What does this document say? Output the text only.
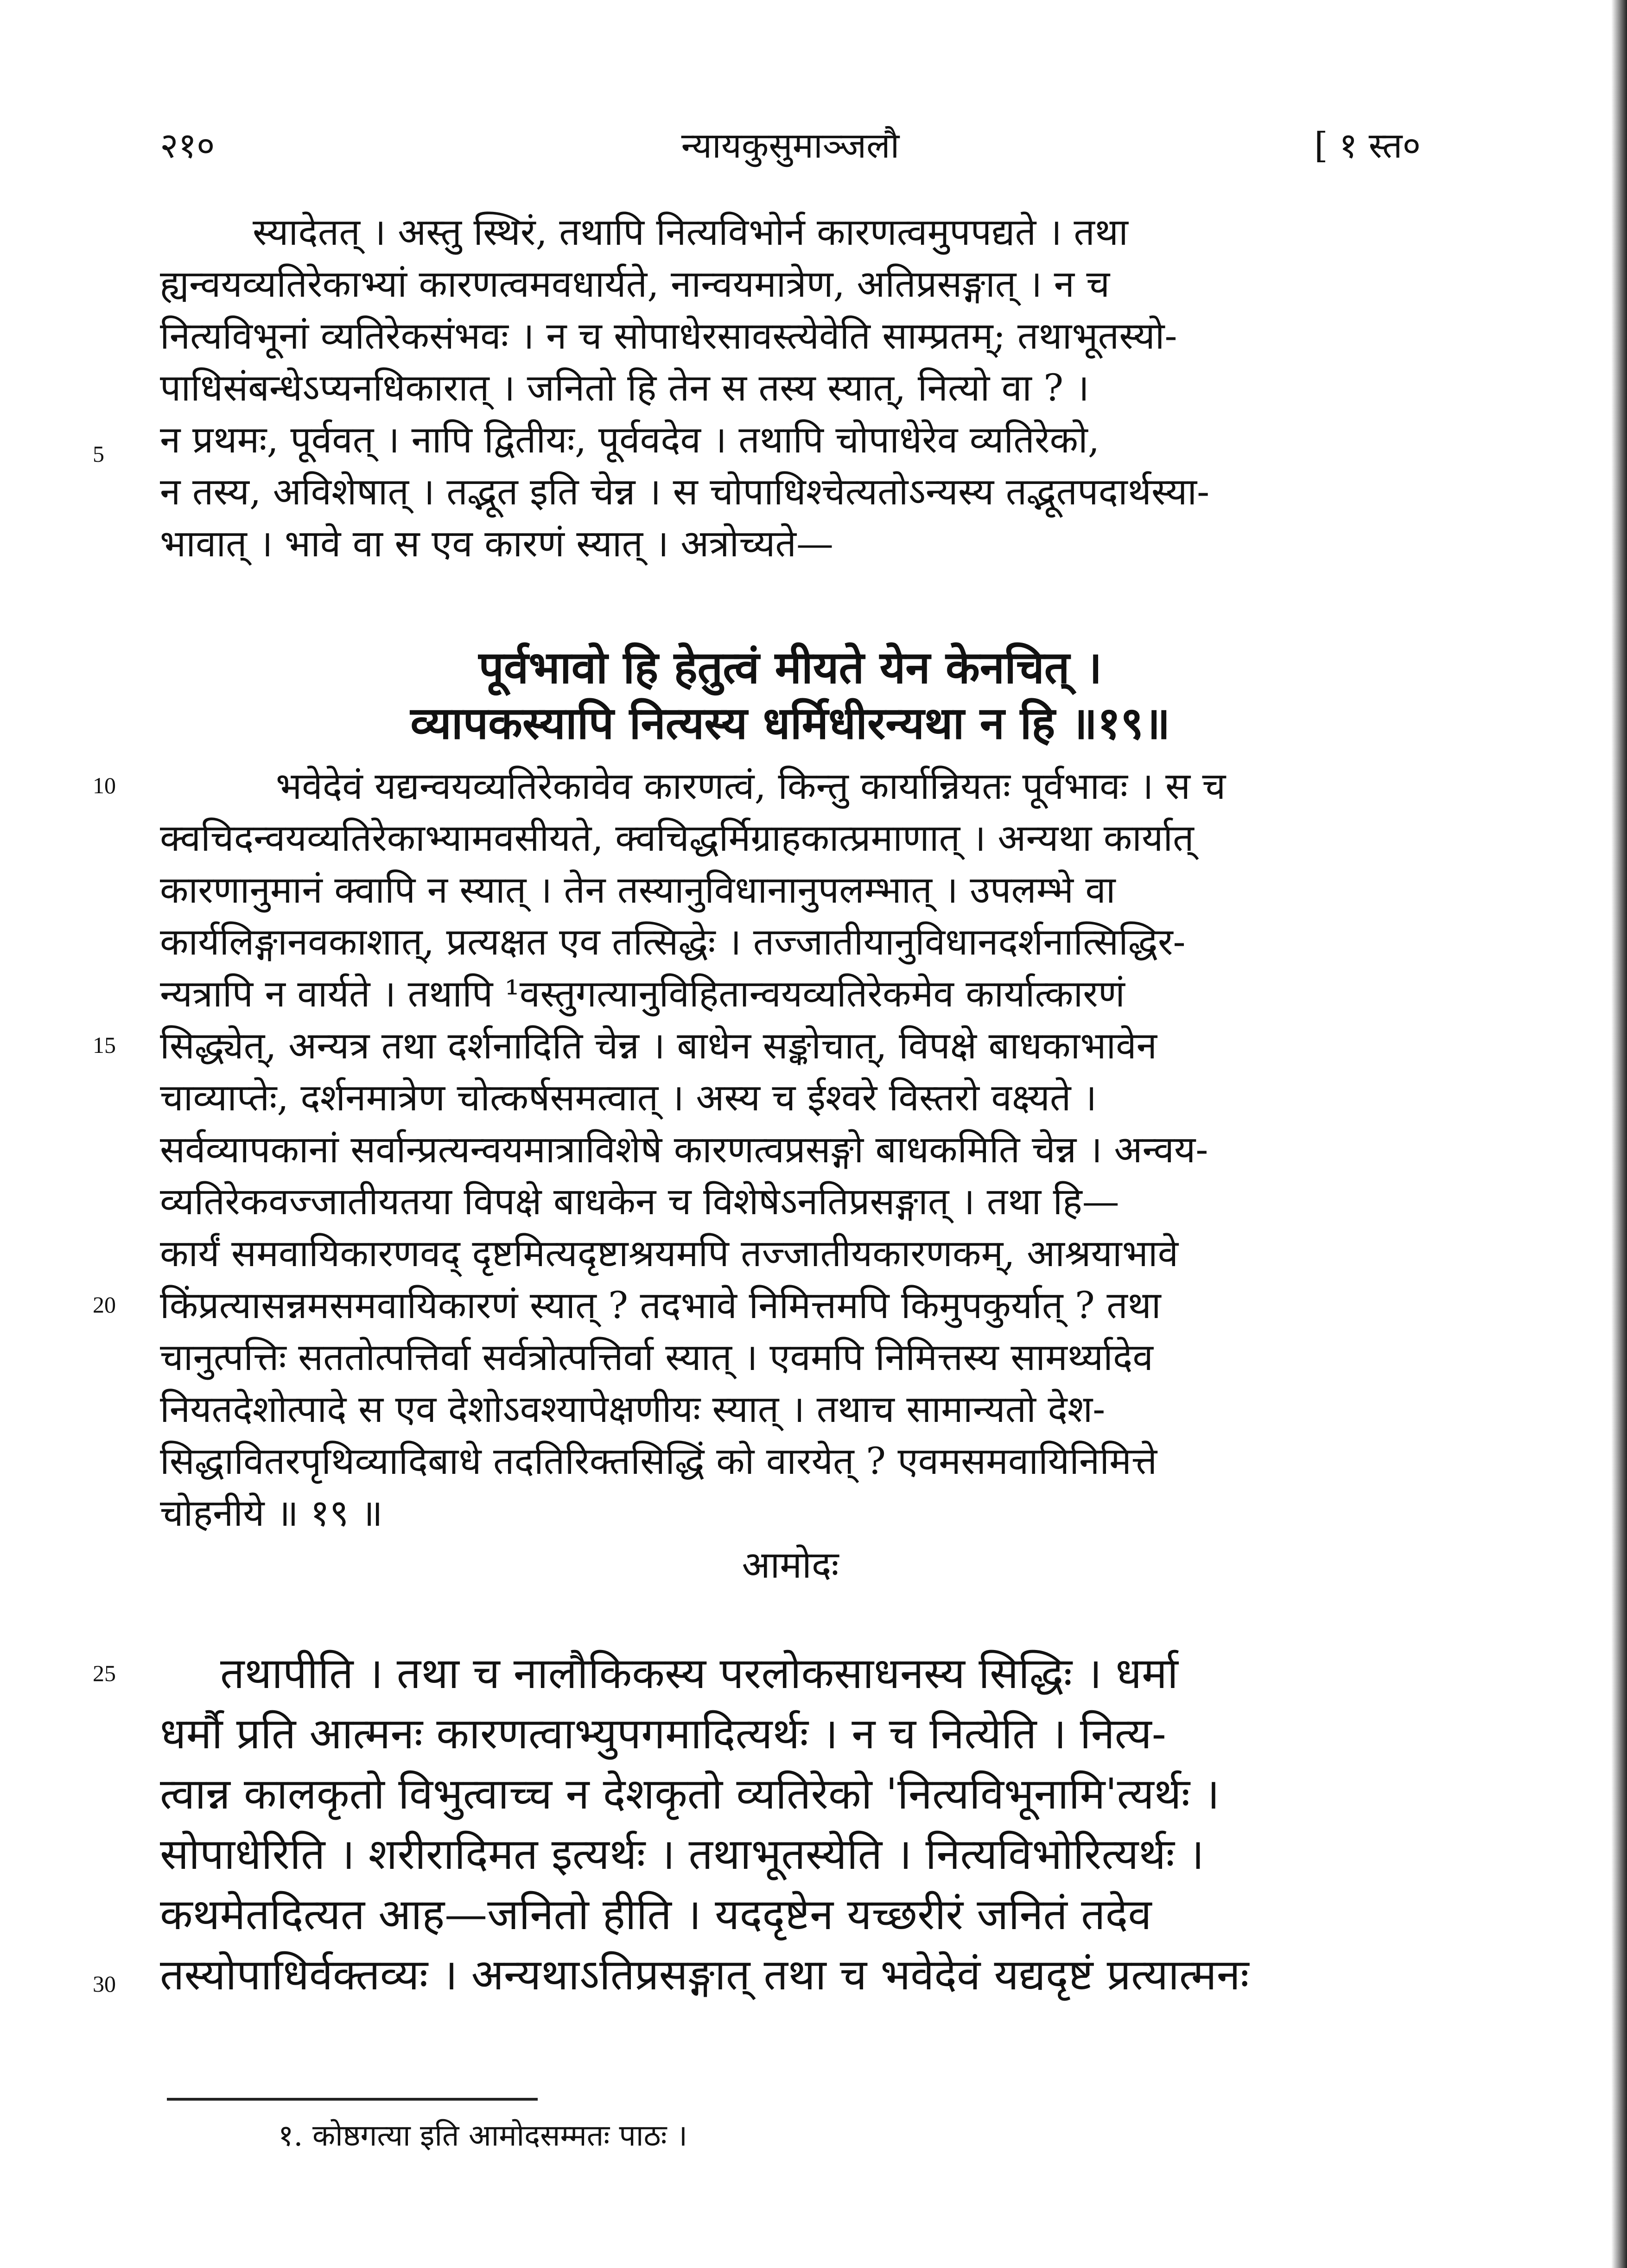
२१०	न्यायकुसुमाञ्जलौ	[ १ स्त०
5
10
15
20
25
30
स्यादेतत् । अस्तु स्थिरं, तथापि नित्यविभोर्न कारणत्वमुपपद्यते । तथा
ह्यन्वयव्यतिरेकाभ्यां कारणत्वमवधार्यते, नान्वयमात्रेण, अतिप्रसङ्गात् । न च
नित्यविभूनां व्यतिरेकसंभवः । न च सोपाधेरसावस्त्येवेति साम्प्रतम्; तथाभूतस्यो-
पाधिसंबन्धेऽप्यनधिकारात् । जनितो हि तेन स तस्य स्यात्, नित्यो वा ? ।
न प्रथमः, पूर्ववत् । नापि द्वितीयः, पूर्ववदेव । तथापि चोपाधेरेव व्यतिरेको,
न तस्य, अविशेषात् । तद्भूत इति चेन्न । स चोपाधिश्चेत्यतोऽन्यस्य तद्भूतपदार्थस्या-
भावात् । भावे वा स एव कारणं स्यात् । अत्रोच्यते—
पूर्वभावो हि हेतुत्वं मीयते येन केनचित् ।
व्यापकस्यापि नित्यस्य धर्मिधीरन्यथा न हि ॥१९॥
भवेदेवं यद्यन्वयव्यतिरेकावेव कारणत्वं, किन्तु कार्यान्नियतः पूर्वभावः । स च
क्वचिदन्वयव्यतिरेकाभ्यामवसीयते, क्वचिद्धर्मिग्राहकात्प्रमाणात् । अन्यथा कार्यात्
कारणानुमानं क्वापि न स्यात् । तेन तस्यानुविधानानुपलम्भात् । उपलम्भे वा
कार्यलिङ्गानवकाशात्, प्रत्यक्षत एव तत्सिद्धेः । तज्जातीयानुविधानदर्शनात्सिद्धिर-
न्यत्रापि न वार्यते । तथापि ¹वस्तुगत्यानुविहितान्वयव्यतिरेकमेव कार्यात्कारणं
सिद्ध्येत्, अन्यत्र तथा दर्शनादिति चेन्न । बाधेन सङ्कोचात्, विपक्षे बाधकाभावेन
चाव्याप्तेः, दर्शनमात्रेण चोत्कर्षसमत्वात् । अस्य च ईश्वरे विस्तरो वक्ष्यते ।
सर्वव्यापकानां सर्वान्प्रत्यन्वयमात्राविशेषे कारणत्वप्रसङ्गो बाधकमिति चेन्न । अन्वय-
व्यतिरेकवज्जातीयतया विपक्षे बाधकेन च विशेषेऽनतिप्रसङ्गात् । तथा हि—
कार्यं समवायिकारणवद् दृष्टमित्यदृष्टाश्रयमपि तज्जातीयकारणकम्, आश्रयाभावे
किंप्रत्यासन्नमसमवायिकारणं स्यात् ? तदभावे निमित्तमपि किमुपकुर्यात् ? तथा
चानुत्पत्तिः सततोत्पत्तिर्वा सर्वत्रोत्पत्तिर्वा स्यात् । एवमपि निमित्तस्य सामर्थ्यादेव
नियतदेशोत्पादे स एव देशोऽवश्यापेक्षणीयः स्यात् । तथाच सामान्यतो देश-
सिद्धावितरपृथिव्यादिबाधे तदतिरिक्तसिद्धिं को वारयेत् ? एवमसमवायिनिमित्ते
चोहनीये ॥ १९ ॥
आमोदः
तथापीति । तथा च नालौकिकस्य परलोकसाधनस्य सिद्धिः । धर्मा
धर्मौ प्रति आत्मनः कारणत्वाभ्युपगमादित्यर्थः । न च नित्येति । नित्य-
त्वान्न कालकृतो विभुत्वाच्च न देशकृतो व्यतिरेको 'नित्यविभूनामि'त्यर्थः ।
सोपाधेरिति । शरीरादिमत इत्यर्थः । तथाभूतस्येति । नित्यविभोरित्यर्थः ।
कथमेतदित्यत आह—जनितो हीति । यददृष्टेन यच्छरीरं जनितं तदेव
तस्योपाधिर्वक्तव्यः । अन्यथाऽतिप्रसङ्गात् तथा च भवेदेवं यद्यदृष्टं प्रत्यात्मनः
१. कोष्ठगत्या इति आमोदसम्मतः पाठः ।
